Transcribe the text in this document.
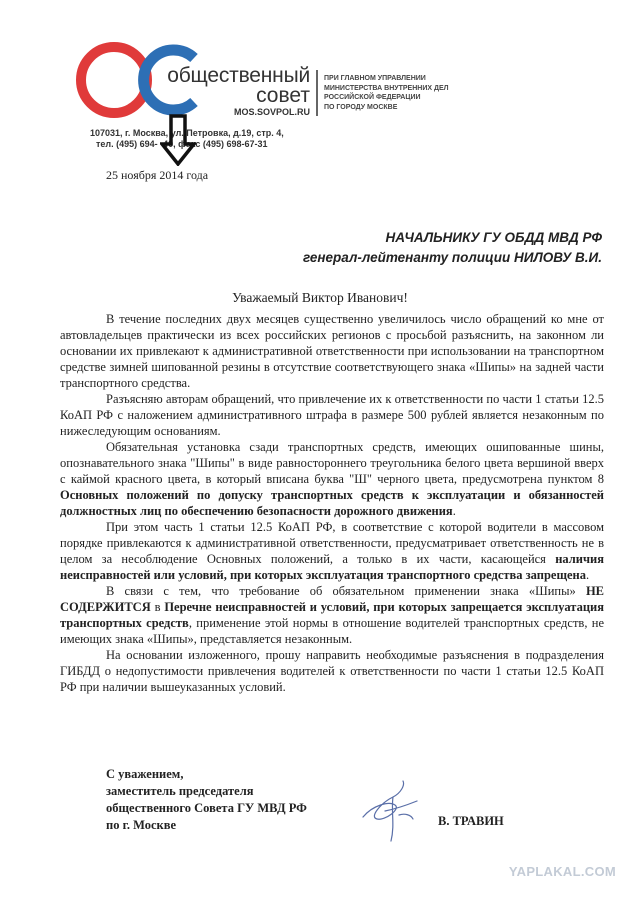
общественный
совет
MOS.SOVPOL.RU
ПРИ ГЛАВНОМ УПРАВЛЕНИИ
МИНИСТЕРСТВА ВНУТРЕННИХ ДЕЛ
РОССИЙСКОЙ ФЕДЕРАЦИИ
ПО ГОРОДУ МОСКВЕ
107031, г. Москва, ул. Петровка, д.19, стр. 4,
тел. (495) 694- -40, факс (495) 698-67-31
25 ноября 2014 года
НАЧАЛЬНИКУ ГУ ОБДД МВД РФ
генерал-лейтенанту полиции НИЛОВУ В.И.
Уважаемый Виктор Иванович!

В течение последних двух месяцев существенно увеличилось число обращений ко мне от автовладельцев практически из всех российских регионов с просьбой разъяснить, на законном ли основании их привлекают к административной ответственности при использовании на транспортном средстве зимней шипованной резины в отсутствие соответствующего знака «Шипы» на задней части транспортного средства.

Разъясняю авторам обращений, что привлечение их к ответственности по части 1 статьи 12.5 КоАП РФ с наложением административного штрафа в размере 500 рублей является незаконным по нижеследующим основаниям.

Обязательная установка сзади транспортных средств, имеющих ошипованные шины, опознавательного знака "Шипы" в виде равностороннего треугольника белого цвета вершиной вверх с каймой красного цвета, в который вписана буква "Ш" черного цвета, предусмотрена пунктом 8 Основных положений по допуску транспортных средств к эксплуатации и обязанностей должностных лиц по обеспечению безопасности дорожного движения.

При этом часть 1 статьи 12.5 КоАП РФ, в соответствие с которой водители в массовом порядке привлекаются к административной ответственности, предусматривает ответственность не в целом за несоблюдение Основных положений, а только в их части, касающейся наличия неисправностей или условий, при которых эксплуатация транспортного средства запрещена.

В связи с тем, что требование об обязательном применении знака «Шипы» НЕ СОДЕРЖИТСЯ в Перечне неисправностей и условий, при которых запрещается эксплуатация транспортных средств, применение этой нормы в отношение водителей транспортных средств, не имеющих знака «Шипы», представляется незаконным.

На основании изложенного, прошу направить необходимые разъяснения в подразделения ГИБДД о недопустимости привлечения водителей к ответственности по части 1 статьи 12.5 КоАП РФ при наличии вышеуказанных условий.

С уважением,
заместитель председателя
общественного Совета ГУ МВД РФ
по г. Москве	В. ТРАВИН
YAPLAKAL.COM
